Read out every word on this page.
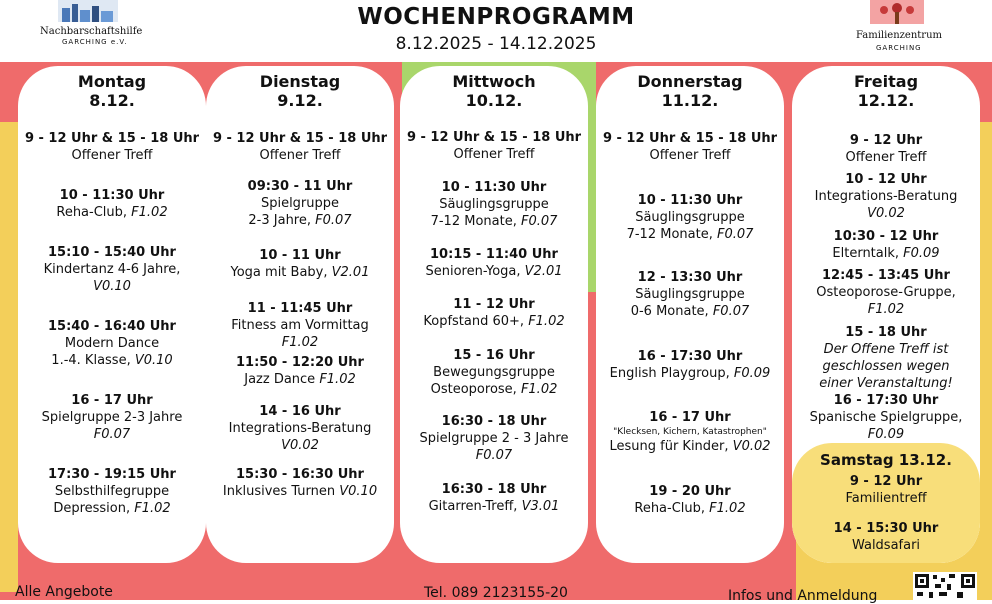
Nachbarschaftshilfe
GARCHING e.V.
WOCHENPROGRAMM
8.12.2025 - 14.12.2025	Familienzentrum
GARCHING
Montag
8.12.
9 - 12 Uhr & 15 - 18 Uhr
Offener Treff
10 - 11:30 Uhr
Reha-Club, F1.02
15:10 - 15:40 Uhr
Kindertanz 4-6 Jahre,
V0.10
15:40 - 16:40 Uhr
Modern Dance
1.-4. Klasse, V0.10
16 - 17 Uhr
Spielgruppe 2-3 Jahre
F0.07
17:30 - 19:15 Uhr
Selbsthilfegruppe
Depression, F1.02
Dienstag
9.12.
9 - 12 Uhr & 15 - 18 Uhr
Offener Treff
09:30 - 11 Uhr
Spielgruppe
2-3 Jahre, F0.07
10 - 11 Uhr
Yoga mit Baby, V2.01
11 - 11:45 Uhr
Fitness am Vormittag
F1.02
11:50 - 12:20 Uhr
Jazz Dance F1.02
14 - 16 Uhr
Integrations-Beratung
V0.02
15:30 - 16:30 Uhr
Inklusives Turnen V0.10
Mittwoch
10.12.
9 - 12 Uhr & 15 - 18 Uhr
Offener Treff
10 - 11:30 Uhr
Säuglingsgruppe
7-12 Monate, F0.07
10:15 - 11:40 Uhr
Senioren-Yoga, V2.01
11 - 12 Uhr
Kopfstand 60+, F1.02
15 - 16 Uhr
Bewegungsgruppe
Osteoporose, F1.02
16:30 - 18 Uhr
Spielgruppe 2 - 3 Jahre
F0.07
16:30 - 18 Uhr
Gitarren-Treff, V3.01
Donnerstag
11.12.
9 - 12 Uhr & 15 - 18 Uhr
Offener Treff
10 - 11:30 Uhr
Säuglingsgruppe
7-12 Monate, F0.07
12 - 13:30 Uhr
Säuglingsgruppe
0-6 Monate, F0.07
16 - 17:30 Uhr
English Playgroup, F0.09
16 - 17 Uhr
"Klecksen, Kichern, Katastrophen"
Lesung für Kinder, V0.02
19 - 20 Uhr
Reha-Club, F1.02
Freitag
12.12.
9 - 12 Uhr
Offener Treff
10 - 12 Uhr
Integrations-Beratung
V0.02
10:30 - 12 Uhr
Elterntalk, F0.09
12:45 - 13:45 Uhr
Osteoporose-Gruppe,
F1.02
15 - 18 Uhr
Der Offene Treff ist geschlossen wegen einer Veranstaltung!
16 - 17:30 Uhr
Spanische Spielgruppe,
F0.09
Samstag 13.12.
9 - 12 Uhr
Familientreff
14 - 15:30 Uhr
Waldsafari
Alle Angebote	Tel. 089 2123155-20	Infos und Anmeldung
